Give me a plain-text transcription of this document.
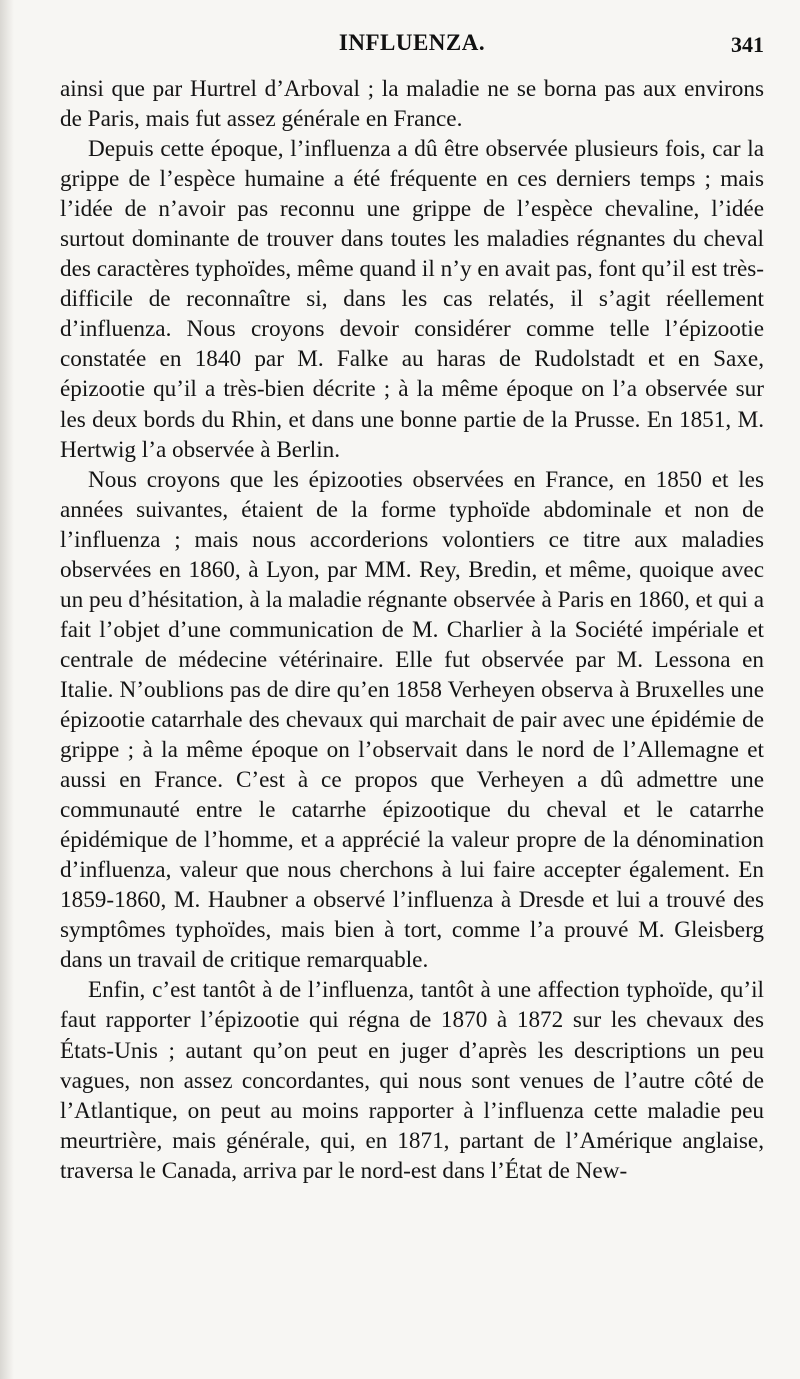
INFLUENZA.	341

ainsi que par Hurtrel d’Arboval ; la maladie ne se borna pas aux environs de Paris, mais fut assez générale en France.

Depuis cette époque, l’influenza a dû être observée plusieurs fois, car la grippe de l’espèce humaine a été fréquente en ces derniers temps ; mais l’idée de n’avoir pas reconnu une grippe de l’espèce chevaline, l’idée surtout dominante de trouver dans toutes les maladies régnantes du cheval des caractères typhoïdes, même quand il n’y en avait pas, font qu’il est très-difficile de reconnaître si, dans les cas relatés, il s’agit réellement d’influenza. Nous croyons devoir considérer comme telle l’épizootie constatée en 1840 par M. Falke au haras de Rudolstadt et en Saxe, épizootie qu’il a très-bien décrite ; à la même époque on l’a observée sur les deux bords du Rhin, et dans une bonne partie de la Prusse. En 1851, M. Hertwig l’a observée à Berlin.

Nous croyons que les épizooties observées en France, en 1850 et les années suivantes, étaient de la forme typhoïde abdominale et non de l’influenza ; mais nous accorderions volontiers ce titre aux maladies observées en 1860, à Lyon, par MM. Rey, Bredin, et même, quoique avec un peu d’hésitation, à la maladie régnante observée à Paris en 1860, et qui a fait l’objet d’une communication de M. Charlier à la Société impériale et centrale de médecine vétérinaire. Elle fut observée par M. Lessona en Italie. N’oublions pas de dire qu’en 1858 Verheyen observa à Bruxelles une épizootie catarrhale des chevaux qui marchait de pair avec une épidémie de grippe ; à la même époque on l’observait dans le nord de l’Allemagne et aussi en France. C’est à ce propos que Verheyen a dû admettre une communauté entre le catarrhe épizootique du cheval et le catarrhe épidémique de l’homme, et a apprécié la valeur propre de la dénomination d’influenza, valeur que nous cherchons à lui faire accepter également. En 1859-1860, M. Haubner a observé l’influenza à Dresde et lui a trouvé des symptômes typhoïdes, mais bien à tort, comme l’a prouvé M. Gleisberg dans un travail de critique remarquable.

Enfin, c’est tantôt à de l’influenza, tantôt à une affection typhoïde, qu’il faut rapporter l’épizootie qui régna de 1870 à 1872 sur les chevaux des États-Unis ; autant qu’on peut en juger d’après les descriptions un peu vagues, non assez concordantes, qui nous sont venues de l’autre côté de l’Atlantique, on peut au moins rapporter à l’influenza cette maladie peu meurtrière, mais générale, qui, en 1871, partant de l’Amérique anglaise, traversa le Canada, arriva par le nord-est dans l’État de New-
